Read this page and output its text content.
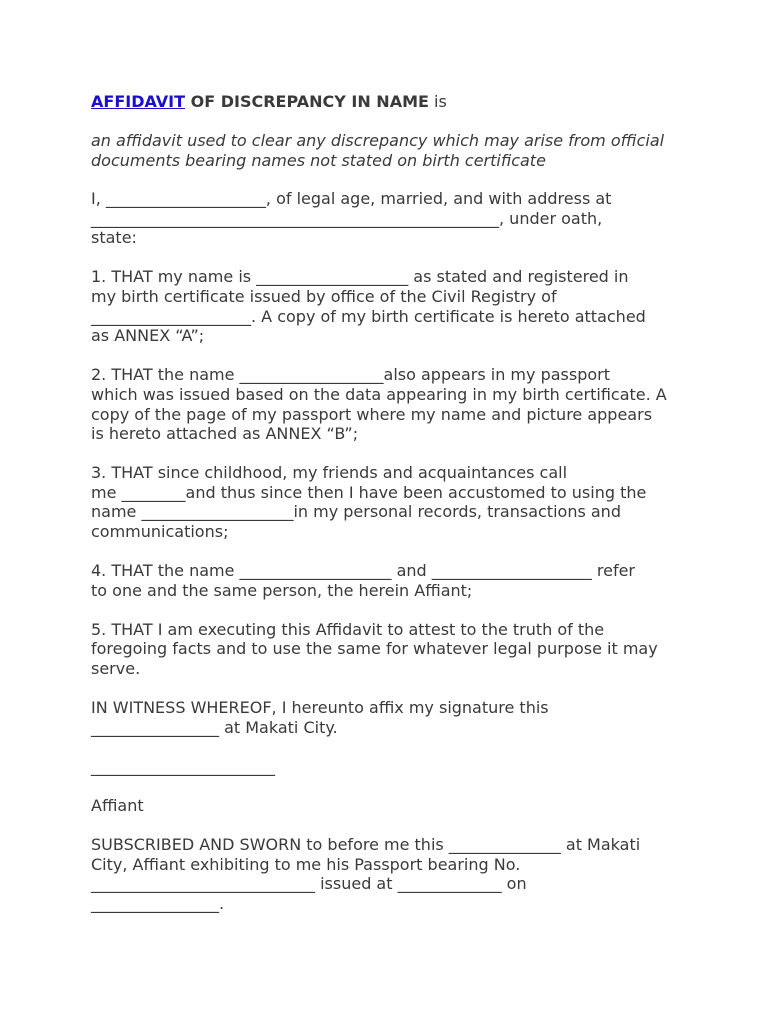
AFFIDAVIT OF DISCREPANCY IN NAME is
an affidavit used to clear any discrepancy which may arise from official documents bearing names not stated on birth certificate
I, ____________________, of legal age, married, and with address at
___________________________________________________, under oath,
state:
1. THAT my name is ___________________ as stated and registered in
my birth certificate issued by office of the Civil Registry of
____________________. A copy of my birth certificate is hereto attached
as ANNEX “A”;
2. THAT the name __________________also appears in my passport
which was issued based on the data appearing in my birth certificate. A
copy of the page of my passport where my name and picture appears
is hereto attached as ANNEX “B”;
3. THAT since childhood, my friends and acquaintances call
me ________and thus since then I have been accustomed to using the
name ___________________in my personal records, transactions and
communications;
4. THAT the name ___________________ and ____________________ refer
to one and the same person, the herein Affiant;
5. THAT I am executing this Affidavit to attest to the truth of the
foregoing facts and to use the same for whatever legal purpose it may
serve.
IN WITNESS WHEREOF, I hereunto affix my signature this
________________ at Makati City.
_______________________
Affiant
SUBSCRIBED AND SWORN to before me this ______________ at Makati
City, Affiant exhibiting to me his Passport bearing No.
____________________________ issued at _____________ on
________________.
